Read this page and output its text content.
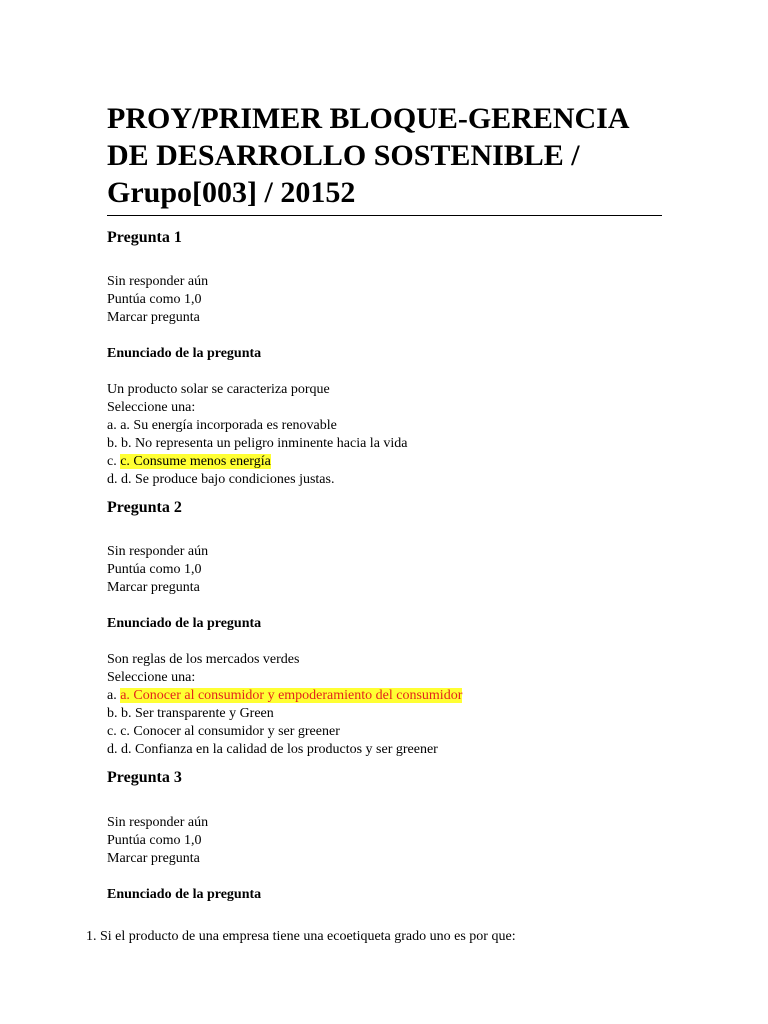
PROY/PRIMER BLOQUE-GERENCIA
DE DESARROLLO SOSTENIBLE /
Grupo[003] / 20152

Pregunta 1

Sin responder aún

Puntúa como 1,0

Marcar pregunta

Enunciado de la pregunta

Un producto solar se caracteriza porque

Seleccione una:

a. a. Su energía incorporada es renovable

b. b. No representa un peligro inminente hacia la vida

c. c. Consume menos energía

d. d. Se produce bajo condiciones justas.

Pregunta 2

Sin responder aún

Puntúa como 1,0

Marcar pregunta

Enunciado de la pregunta

Son reglas de los mercados verdes

Seleccione una:

a. a. Conocer al consumidor y empoderamiento del consumidor

b. b. Ser transparente y Green

c. c. Conocer al consumidor y ser greener

d. d. Confianza en la calidad de los productos y ser greener

Pregunta 3

Sin responder aún

Puntúa como 1,0

Marcar pregunta

Enunciado de la pregunta

1. Si el producto de una empresa tiene una ecoetiqueta grado uno es por que:
